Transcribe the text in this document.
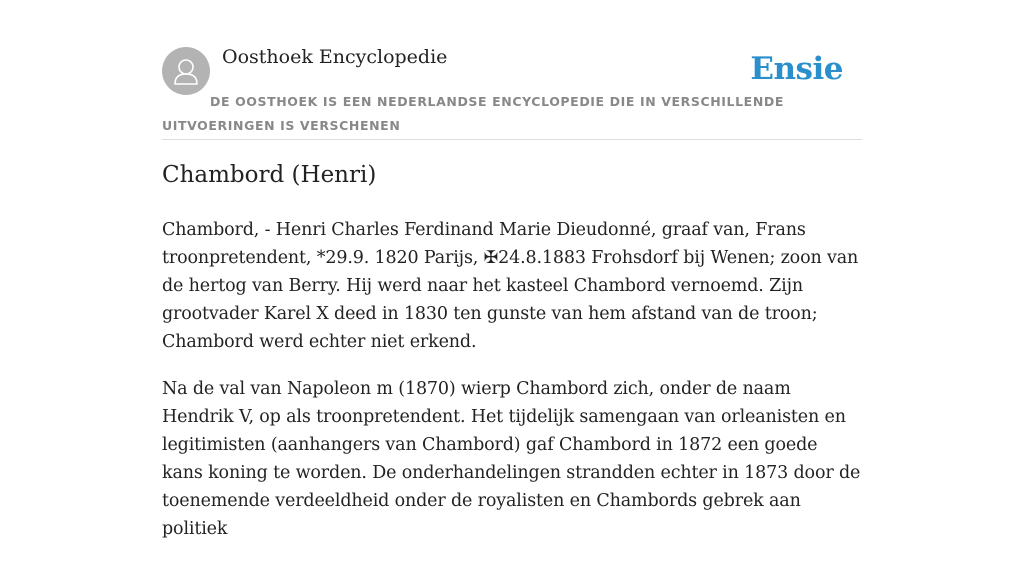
Oosthoek Encyclopedie	Ensie

DE OOSTHOEK IS EEN NEDERLANDSE ENCYCLOPEDIE DIE IN VERSCHILLENDE UITVOERINGEN IS VERSCHENEN

Chambord (Henri)

Chambord, - Henri Charles Ferdinand Marie Dieudonné, graaf van, Frans troonpretendent, *29.9. 1820 Parijs, ✠24.8.1883 Frohsdorf bij Wenen; zoon van de hertog van Berry. Hij werd naar het kasteel Chambord vernoemd. Zijn grootvader Karel X deed in 1830 ten gunste van hem afstand van de troon; Chambord werd echter niet erkend.

Na de val van Napoleon m (1870) wierp Chambord zich, onder de naam Hendrik V, op als troonpretendent. Het tijdelijk samengaan van orleanisten en legitimisten (aanhangers van Chambord) gaf Chambord in 1872 een goede kans koning te worden. De onderhandelingen strandden echter in 1873 door de toenemende verdeeldheid onder de royalisten en Chambords gebrek aan politiek
